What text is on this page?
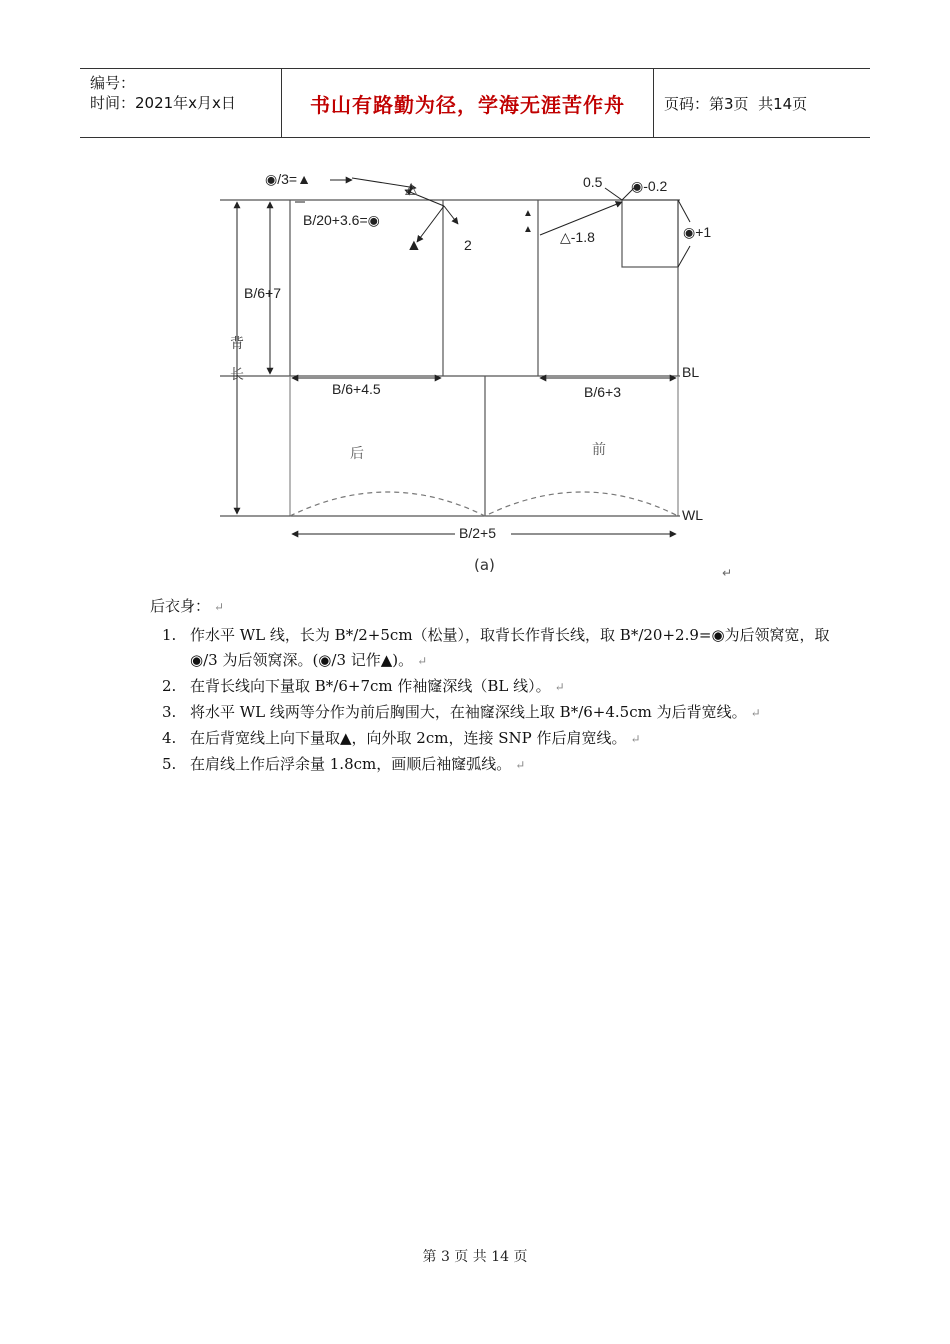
编号：
时间：2021年x月x日	书山有路勤为径，学海无涯苦作舟	页码：第3页  共14页
◉/3=▲
B/20+3.6=◉
△
▲	2
0.5 ◉-0.2
◉+1
△-1.8
▲
▲
B/6+7
背
长
B/6+4.5	B/6+3
BL
后	前
WL
B/2+5
(a)	↵
后衣身： ↵
1. 作水平 WL 线，长为 B*/2+5cm（松量），取背长作背长线，取 B*/20+2.9=◉为后领窝宽，取◉/3 为后领窝深。(◉/3 记作▲)。 ↵
2. 在背长线向下量取 B*/6+7cm 作袖窿深线（BL 线）。 ↵
3. 将水平 WL 线两等分作为前后胸围大，在袖窿深线上取 B*/6+4.5cm 为后背宽线。 ↵
4. 在后背宽线上向下量取▲，向外取 2cm，连接 SNP 作后肩宽线。 ↵
5. 在肩线上作后浮余量 1.8cm，画顺后袖窿弧线。 ↵
第 3 页 共 14 页
